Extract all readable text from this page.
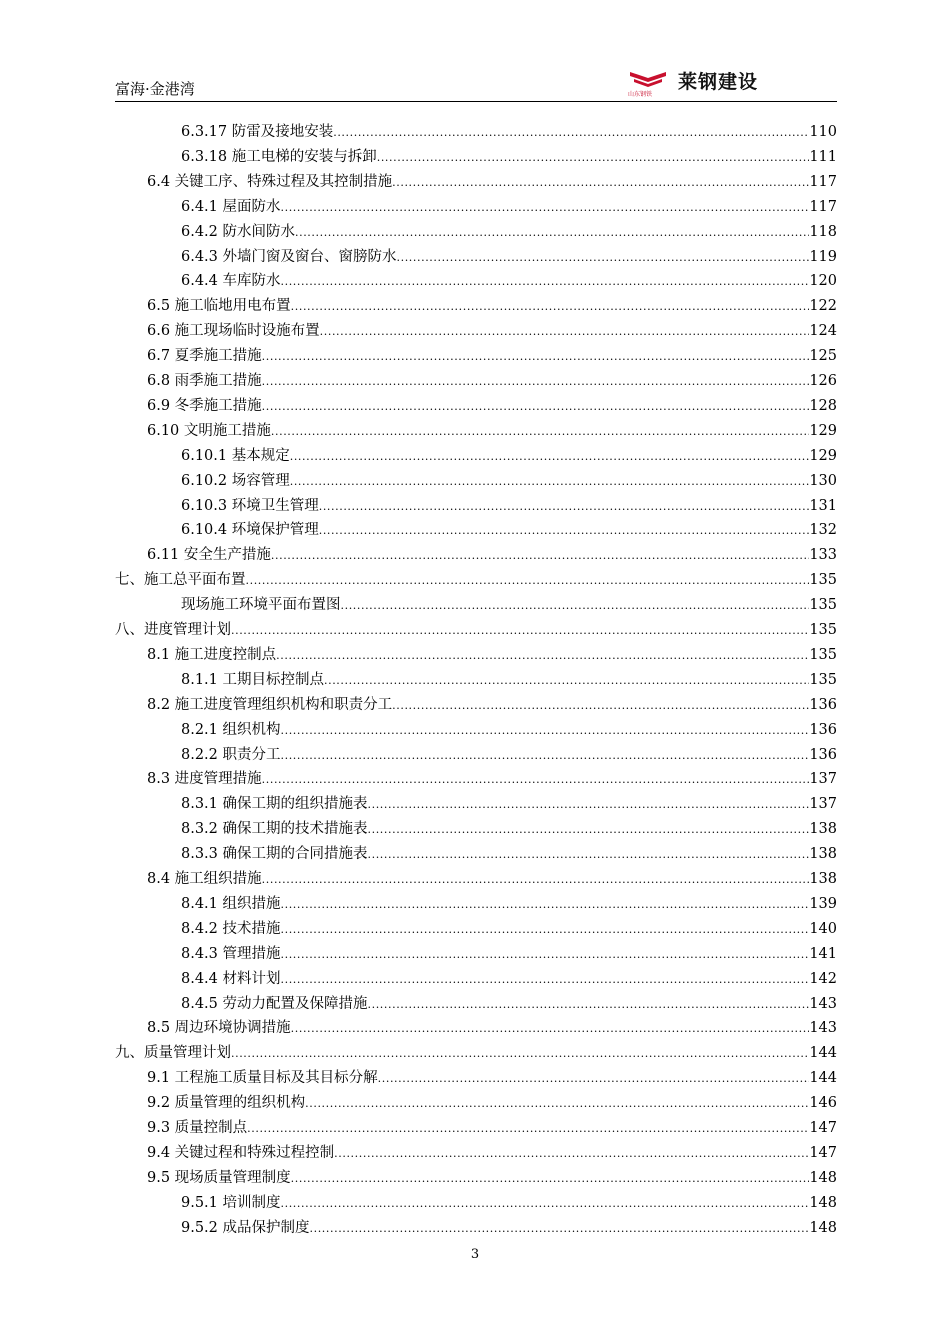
富海·金港湾	山东钢铁
莱钢建设
6.3.17 防雷及接地安装 .....	110
6.3.18 施工电梯的安装与拆卸 .....	111
6.4 关键工序、特殊过程及其控制措施 .....	117
6.4.1 屋面防水 .....	117
6.4.2 防水间防水 .....	118
6.4.3 外墙门窗及窗台、窗膀防水 .....	119
6.4.4 车库防水 .....	120
6.5 施工临地用电布置 .....	122
6.6 施工现场临时设施布置 .....	124
6.7 夏季施工措施 .....	125
6.8 雨季施工措施 .....	126
6.9 冬季施工措施 .....	128
6.10 文明施工措施 .....	129
6.10.1 基本规定 .....	129
6.10.2 场容管理 .....	130
6.10.3 环境卫生管理 .....	131
6.10.4 环境保护管理 .....	132
6.11 安全生产措施 .....	133
七、施工总平面布置 .....	135
现场施工环境平面布置图 .....	135
八、进度管理计划 .....	135
8.1 施工进度控制点 .....	135
8.1.1 工期目标控制点 .....	135
8.2 施工进度管理组织机构和职责分工 .....	136
8.2.1 组织机构 .....	136
8.2.2 职责分工 .....	136
8.3 进度管理措施 .....	137
8.3.1 确保工期的组织措施表 .....	137
8.3.2 确保工期的技术措施表 .....	138
8.3.3 确保工期的合同措施表 .....	138
8.4 施工组织措施 .....	138
8.4.1 组织措施 .....	139
8.4.2 技术措施 .....	140
8.4.3 管理措施 .....	141
8.4.4 材料计划 .....	142
8.4.5 劳动力配置及保障措施 .....	143
8.5 周边环境协调措施 .....	143
九、质量管理计划 .....	144
9.1 工程施工质量目标及其目标分解 .....	144
9.2 质量管理的组织机构 .....	146
9.3 质量控制点 .....	147
9.4 关键过程和特殊过程控制 .....	147
9.5 现场质量管理制度 .....	148
9.5.1 培训制度 .....	148
9.5.2 成品保护制度 .....	148
3
